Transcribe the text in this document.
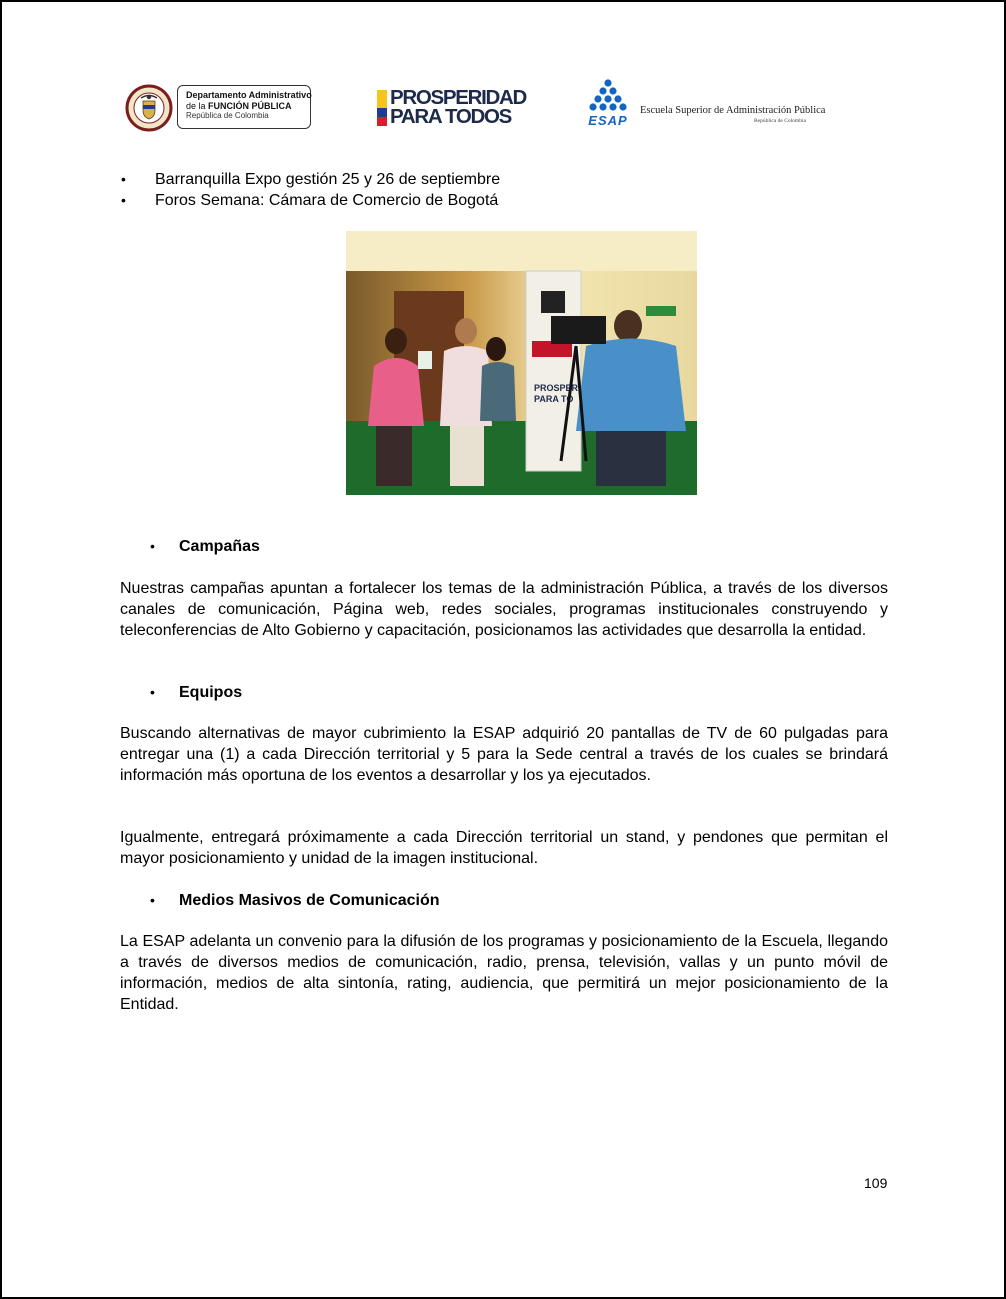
Departamento Administrativo
de la FUNCIÓN PÚBLICA
República de Colombia
PROSPERIDAD
PARA TODOS	ESAP
Escuela Superior de Administración Pública
República de Colombia
• Barranquilla Expo gestión 25 y 26 de septiembre
• Foros Semana: Cámara de Comercio de Bogotá
PROSPER
PARA TO
• Campañas
Nuestras campañas apuntan a fortalecer los temas de la administración Pública, a través de los diversos canales de comunicación, Página web, redes sociales, programas institucionales construyendo y teleconferencias de Alto Gobierno y capacitación, posicionamos las actividades que desarrolla la entidad.
• Equipos
Buscando alternativas de mayor cubrimiento la ESAP adquirió 20 pantallas de TV de 60 pulgadas para entregar una (1) a cada Dirección territorial y 5 para la Sede central a través de los cuales se brindará información más oportuna de los eventos a desarrollar y los ya ejecutados.
Igualmente, entregará próximamente a cada Dirección territorial un stand, y pendones que permitan el mayor posicionamiento y unidad de la imagen institucional.
• Medios Masivos de Comunicación
La ESAP adelanta un convenio para la difusión de los programas y posicionamiento de la Escuela, llegando a través de diversos medios de comunicación, radio, prensa, televisión, vallas y un punto móvil de información, medios de alta sintonía, rating, audiencia, que permitirá un mejor posicionamiento de la Entidad.
109
